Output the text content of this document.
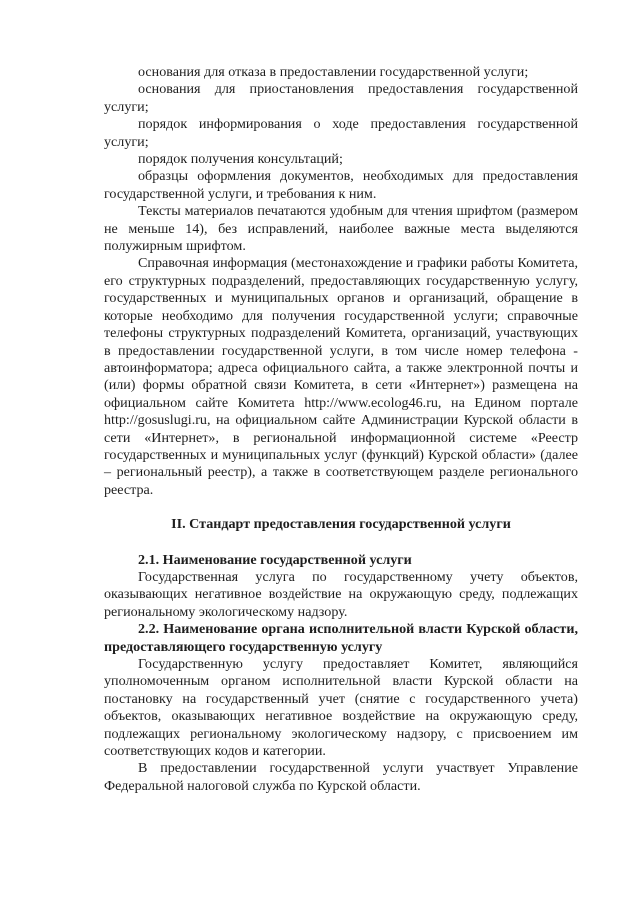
основания для отказа в предоставлении государственной услуги;

основания для приостановления предоставления государственной услуги;

порядок информирования о ходе предоставления государственной услуги;

порядок получения консультаций;

образцы оформления документов, необходимых для предоставления государственной услуги, и требования к ним.

Тексты материалов печатаются удобным для чтения шрифтом (размером не меньше 14), без исправлений, наиболее важные места выделяются полужирным шрифтом.

Справочная информация (местонахождение и графики работы Комитета, его структурных подразделений, предоставляющих государственную услугу, государственных и муниципальных органов и организаций, обращение в которые необходимо для получения государственной услуги; справочные телефоны структурных подразделений Комитета, организаций, участвующих в предоставлении государственной услуги, в том числе номер телефона - автоинформатора; адреса официального сайта, а также электронной почты и (или) формы обратной связи Комитета, в сети «Интернет») размещена на официальном сайте Комитета http://www.ecolog46.ru, на Едином портале http://gosuslugi.ru, на официальном сайте Администрации Курской области в сети «Интернет», в региональной информационной системе «Реестр государственных и муниципальных услуг (функций) Курской области» (далее – региональный реестр), а также в соответствующем разделе регионального реестра.

II. Стандарт предоставления государственной услуги

2.1. Наименование государственной услуги

Государственная услуга по государственному учету объектов, оказывающих негативное воздействие на окружающую среду, подлежащих региональному экологическому надзору.

2.2. Наименование органа исполнительной власти Курской области, предоставляющего государственную услугу

Государственную услугу предоставляет Комитет, являющийся уполномоченным органом исполнительной власти Курской области на постановку на государственный учет (снятие с государственного учета) объектов, оказывающих негативное воздействие на окружающую среду, подлежащих региональному экологическому надзору, с присвоением им соответствующих кодов и категории.

В предоставлении государственной услуги участвует Управление Федеральной налоговой служба по Курской области.
